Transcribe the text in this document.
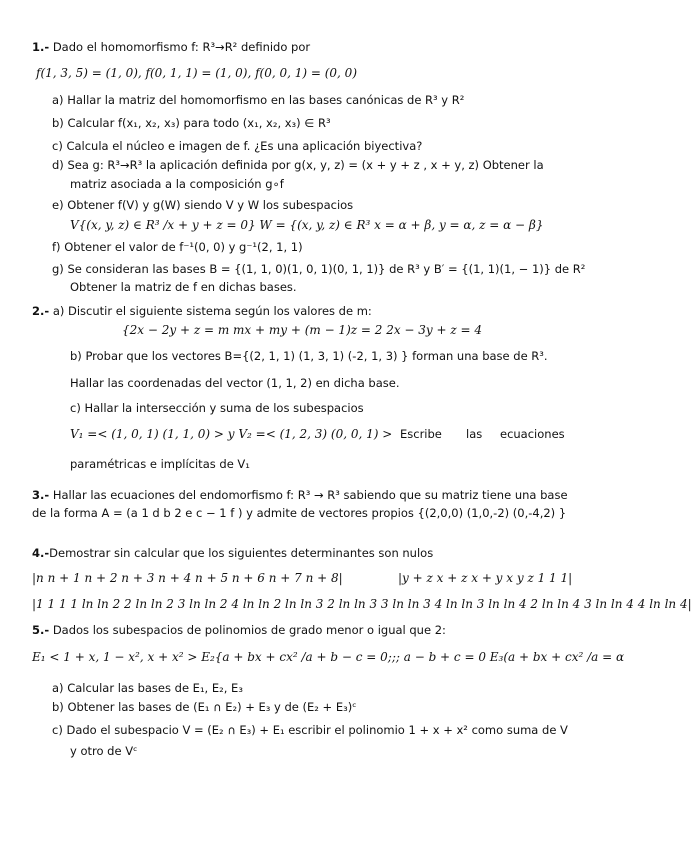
1.- Dado el homomorfismo f: R³→R² definido por
f(1, 3, 5) = (1, 0), f(0, 1, 1) = (1, 0), f(0, 0, 1) = (0, 0)
a) Hallar la matriz del homomorfismo en las bases canónicas de R³ y R²
b) Calcular f(x₁, x₂, x₃) para todo (x₁, x₂, x₃) ∈ R³
c) Calcula el núcleo e imagen de f. ¿Es una aplicación biyectiva?
d) Sea g: R³→R³ la aplicación definida por g(x, y, z) = (x + y + z , x + y, z) Obtener la
matriz asociada a la composición g∘f
e) Obtener f(V) y g(W) siendo V y W los subespacios
V{(x, y, z) ∈ R³ /x + y + z = 0} W = {(x, y, z) ∈ R³ x = α + β, y = α, z = α − β}
f) Obtener el valor de f⁻¹(0, 0) y g⁻¹(2, 1, 1)
g) Se consideran las bases B = {(1, 1, 0)(1, 0, 1)(0, 1, 1)} de R³ y B′ = {(1, 1)(1, − 1)} de R²
Obtener la matriz de f en dichas bases.
2.- a) Discutir el siguiente sistema según los valores de m:
{2x − 2y + z = m mx + my + (m − 1)z = 2 2x − 3y + z = 4
b) Probar que los vectores B={(2, 1, 1) (1, 3, 1) (-2, 1, 3) } forman una base de R³.
Hallar las coordenadas del vector (1, 1, 2) en dicha base.
c) Hallar la intersección y suma de los subespacios
V₁ =< (1, 0, 1) (1, 1, 0) > y V₂ =< (1, 2, 3) (0, 0, 1) > Escribe las ecuaciones
paramétricas e implícitas de V₁
3.- Hallar las ecuaciones del endomorfismo f: R³ → R³ sabiendo que su matriz tiene una base
de la forma A = (a 1 d b 2 e c − 1 f ) y admite de vectores propios {(2,0,0) (1,0,-2) (0,-4,2) }
4.-Demostrar sin calcular que los siguientes determinantes son nulos
|n n + 1 n + 2 n + 3 n + 4 n + 5 n + 6 n + 7 n + 8|	|y + z x + z x + y x y z 1 1 1|
|1 1 1 1 ln ln 2 2 ln ln 2 3 ln ln 2 4 ln ln 2 ln ln 3 2 ln ln 3 3 ln ln 3 4 ln ln 3 ln ln 4 2 ln ln 4 3 ln ln 4 4 ln ln 4|
5.- Dados los subespacios de polinomios de grado menor o igual que 2:
E₁ < 1 + x, 1 − x², x + x² > E₂{a + bx + cx² /a + b − c = 0;;; a − b + c = 0 E₃(a + bx + cx² /a = α
a) Calcular las bases de E₁, E₂, E₃
b) Obtener las bases de (E₁ ∩ E₂) + E₃ y de (E₂ + E₃)ᶜ
c) Dado el subespacio V = (E₂ ∩ E₃) + E₁ escribir el polinomio 1 + x + x² como suma de V
y otro de Vᶜ
